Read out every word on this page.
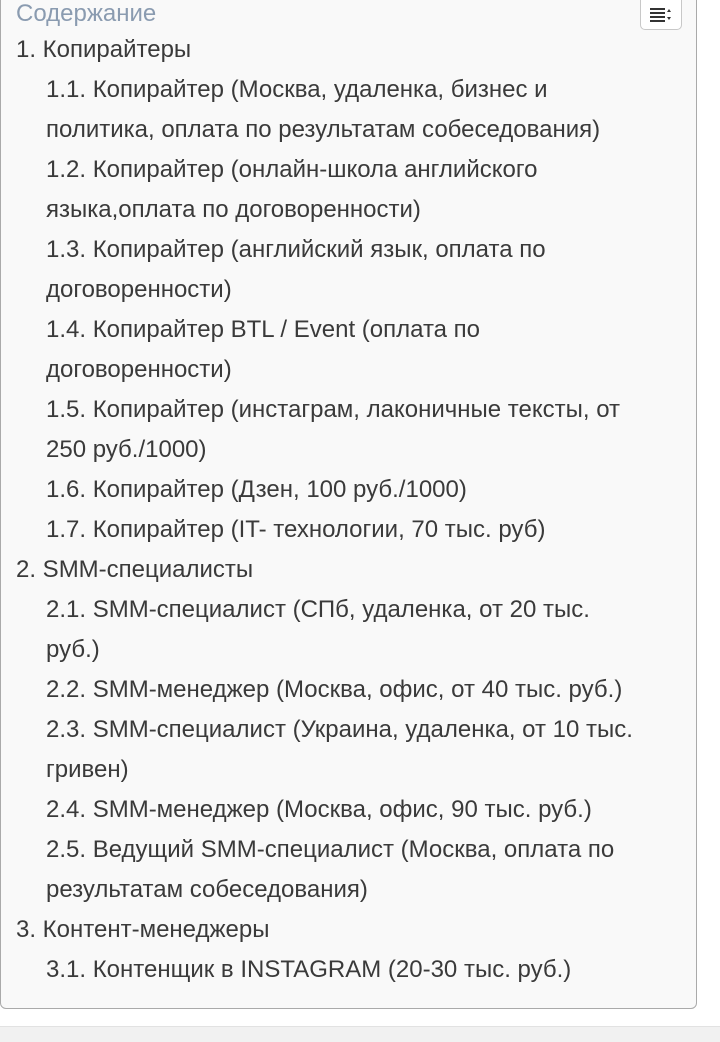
Содержание
1. Копирайтеры
1.1. Копирайтер (Москва, удаленка, бизнес и
политика, оплата по результатам собеседования)
1.2. Копирайтер (онлайн-школа английского
языка,оплата по договоренности)
1.3. Копирайтер (английский язык, оплата по
договоренности)
1.4. Копирайтер BTL / Event (оплата по
договоренности)
1.5. Копирайтер (инстаграм, лаконичные тексты, от
250 руб./1000)
1.6. Копирайтер (Дзен, 100 руб./1000)
1.7. Копирайтер (IT- технологии, 70 тыс. руб)
2. SMM-специалисты
2.1. SMM-специалист (СПб, удаленка, от 20 тыс.
руб.)
2.2. SMM-менеджер (Москва, офис, от 40 тыс. руб.)
2.3. SMM-специалист (Украина, удаленка, от 10 тыс.
гривен)
2.4. SMM-менеджер (Москва, офис, 90 тыс. руб.)
2.5. Ведущий SMM-специалист (Москва, оплата по
результатам собеседования)
3. Контент-менеджеры
3.1. Контенщик в INSTAGRAM (20-30 тыс. руб.)
